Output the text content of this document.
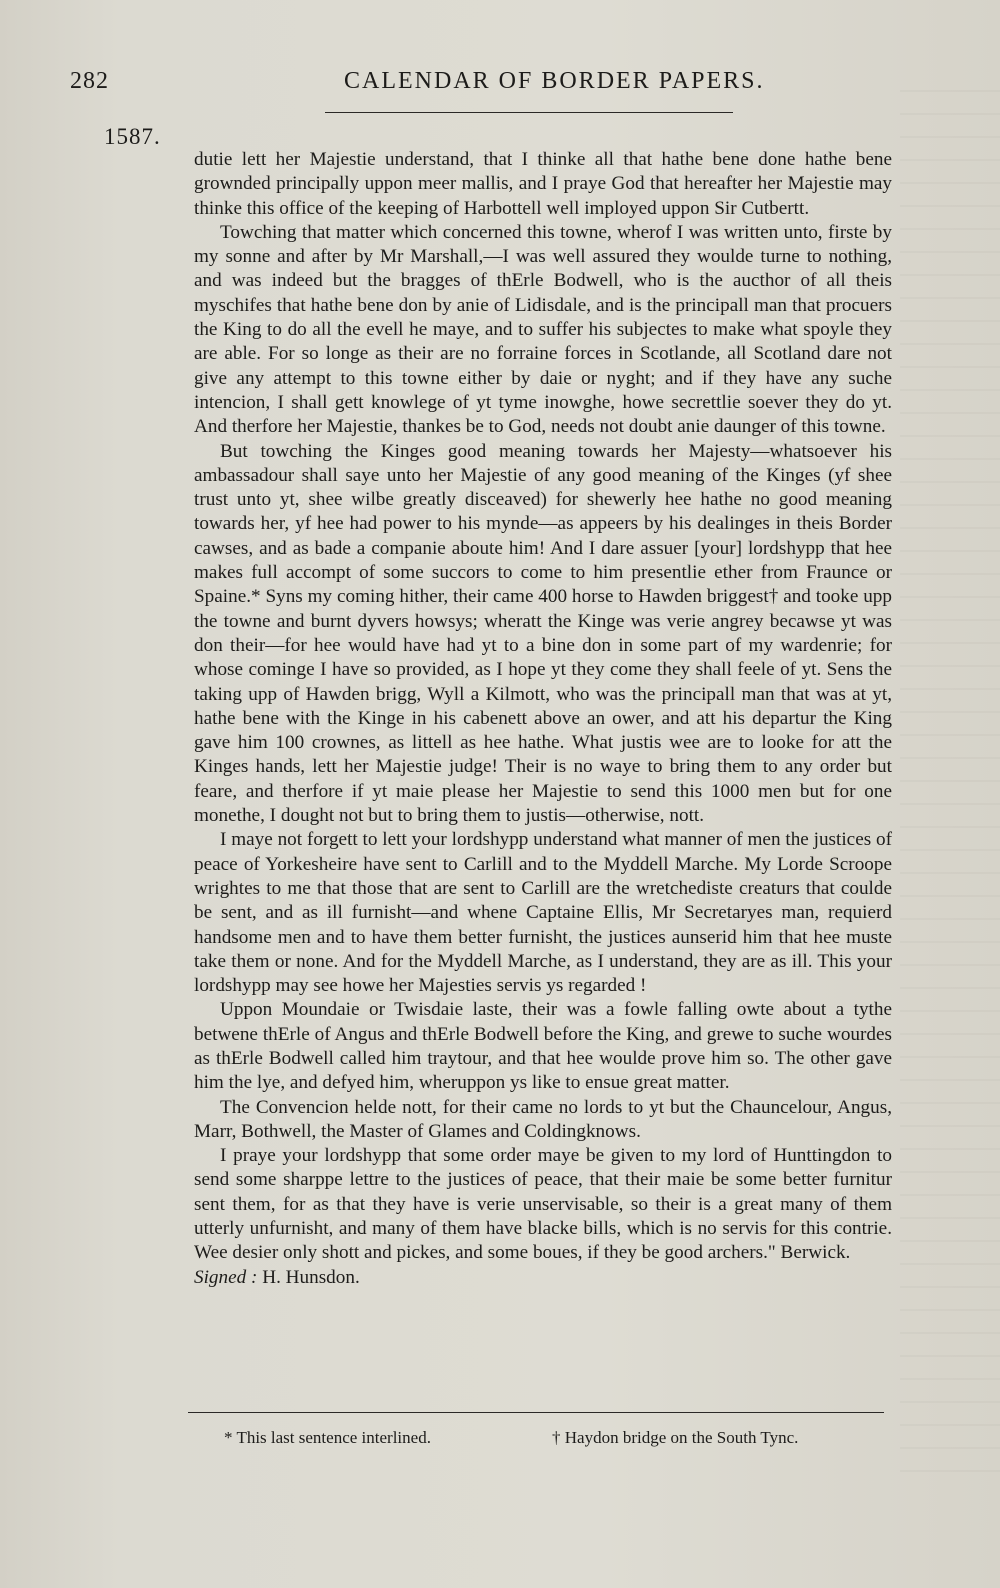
282	CALENDAR OF BORDER PAPERS.
1587.

dutie lett her Majestie understand, that I thinke all that hathe bene done hathe bene grownded principally uppon meer mallis, and I praye God that hereafter her Majestie may thinke this office of the keeping of Harbottell well imployed uppon Sir Cutbertt.

Towching that matter which concerned this towne, wherof I was written unto, firste by my sonne and after by Mr Marshall,—I was well assured they woulde turne to nothing, and was indeed but the bragges of thErle Bodwell, who is the aucthor of all theis myschifes that hathe bene don by anie of Lidisdale, and is the principall man that procuers the King to do all the evell he maye, and to suffer his subjectes to make what spoyle they are able. For so longe as their are no forraine forces in Scotlande, all Scotland dare not give any attempt to this towne either by daie or nyght; and if they have any suche intencion, I shall gett knowlege of yt tyme inowghe, howe secrettlie soever they do yt. And therfore her Majestie, thankes be to God, needs not doubt anie daunger of this towne.

But towching the Kinges good meaning towards her Majesty—whatsoever his ambassadour shall saye unto her Majestie of any good meaning of the Kinges (yf shee trust unto yt, shee wilbe greatly disceaved) for shewerly hee hathe no good meaning towards her, yf hee had power to his mynde—as appeers by his dealinges in theis Border cawses, and as bade a companie aboute him! And I dare assuer [your] lordshypp that hee makes full accompt of some succors to come to him presentlie ether from Fraunce or Spaine.* Syns my coming hither, their came 400 horse to Hawden briggest† and tooke upp the towne and burnt dyvers howsys; wheratt the Kinge was verie angrey becawse yt was don their—for hee would have had yt to a bine don in some part of my wardenrie; for whose cominge I have so provided, as I hope yt they come they shall feele of yt. Sens the taking upp of Hawden brigg, Wyll a Kilmott, who was the principall man that was at yt, hathe bene with the Kinge in his cabenett above an ower, and att his departur the King gave him 100 crownes, as littell as hee hathe. What justis wee are to looke for att the Kinges hands, lett her Majestie judge! Their is no waye to bring them to any order but feare, and therfore if yt maie please her Majestie to send this 1000 men but for one monethe, I dought not but to bring them to justis—otherwise, nott.

I maye not forgett to lett your lordshypp understand what manner of men the justices of peace of Yorkesheire have sent to Carlill and to the Myddell Marche. My Lorde Scroope wrightes to me that those that are sent to Carlill are the wretchediste creaturs that coulde be sent, and as ill furnisht—and whene Captaine Ellis, Mr Secretaryes man, requierd handsome men and to have them better furnisht, the justices aunserid him that hee muste take them or none. And for the Myddell Marche, as I understand, they are as ill. This your lordshypp may see howe her Majesties servis ys regarded !

Uppon Moundaie or Twisdaie laste, their was a fowle falling owte about a tythe betwene thErle of Angus and thErle Bodwell before the King, and grewe to suche wourdes as thErle Bodwell called him traytour, and that hee woulde prove him so. The other gave him the lye, and defyed him, wheruppon ys like to ensue great matter.

The Convencion helde nott, for their came no lords to yt but the Chauncelour, Angus, Marr, Bothwell, the Master of Glames and Coldingknows.

I praye your lordshypp that some order maye be given to my lord of Hunttingdon to send some sharppe lettre to the justices of peace, that their maie be some better furnitur sent them, for as that they have is verie unservisable, so their is a great many of them utterly unfurnisht, and many of them have blacke bills, which is no servis for this contrie. Wee desier only shott and pickes, and some boues, if they be good archers." Berwick.

Signed : H. Hunsdon.

* This last sentence interlined.	† Haydon bridge on the South Tync.
